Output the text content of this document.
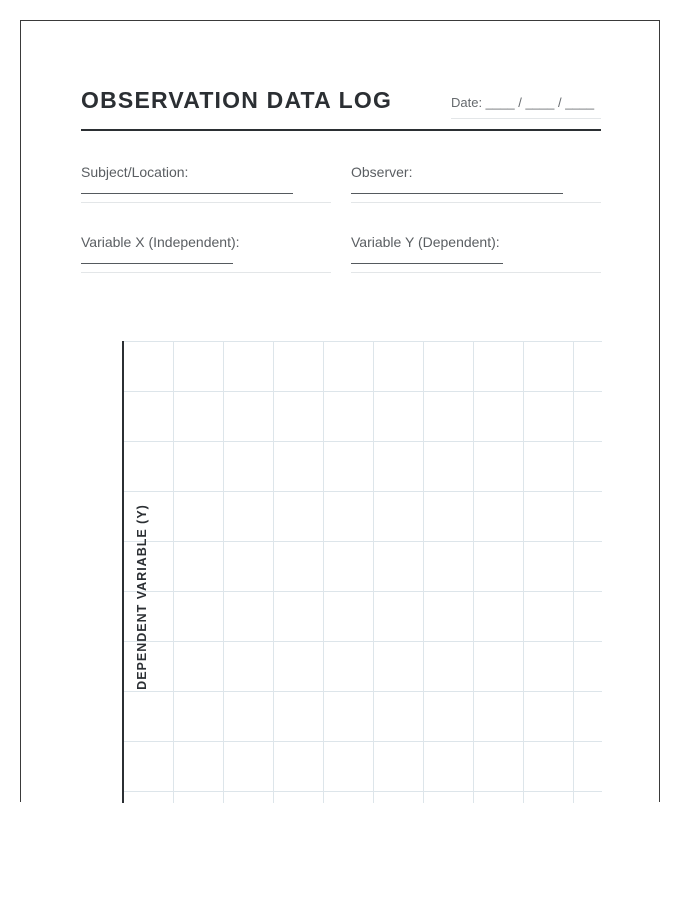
OBSERVATION DATA LOG	Date: ____ / ____ / ____
Subject/Location:	Observer:
Variable X (Independent):	Variable Y (Dependent):
DEPENDENT VARIABLE (Y)
